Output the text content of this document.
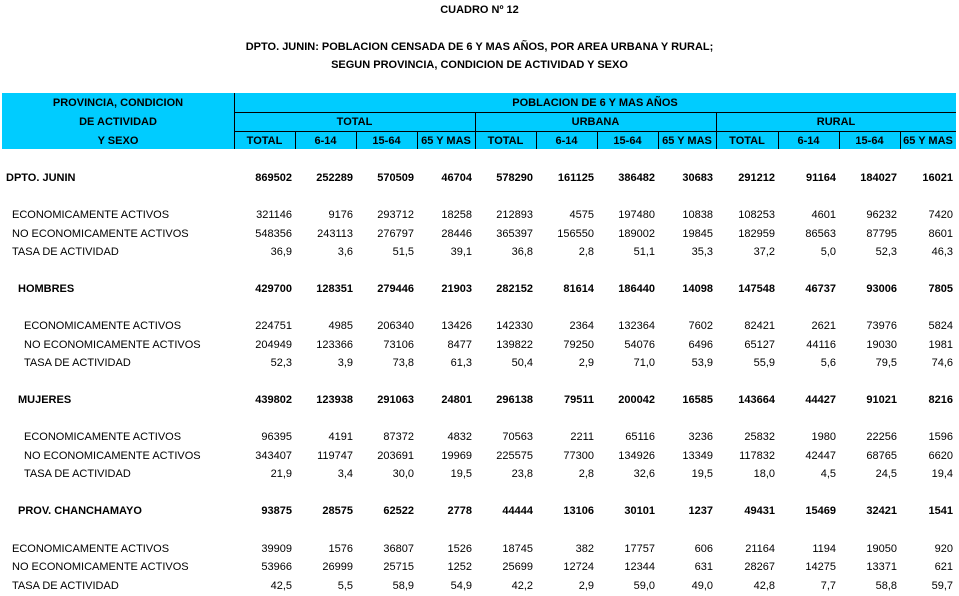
CUADRO Nº 12
DPTO. JUNIN: POBLACION CENSADA DE 6 Y MAS AÑOS, POR AREA URBANA Y RURAL;
SEGUN PROVINCIA, CONDICION DE ACTIVIDAD Y SEXO
PROVINCIA, CONDICION
DE ACTIVIDAD
Y SEXO
POBLACION DE 6 Y MAS AÑOS
TOTAL	URBANA	RURAL
TOTAL	6-14	15-64	65 Y MAS	TOTAL	6-14	15-64	65 Y MAS	TOTAL	6-14	15-64	65 Y MAS
DPTO. JUNIN	869502	252289	570509	46704	578290	161125	386482	30683	291212	91164	184027	16021
ECONOMICAMENTE ACTIVOS	321146	9176	293712	18258	212893	4575	197480	10838	108253	4601	96232	7420
NO ECONOMICAMENTE ACTIVOS	548356	243113	276797	28446	365397	156550	189002	19845	182959	86563	87795	8601
TASA DE ACTIVIDAD	36,9	3,6	51,5	39,1	36,8	2,8	51,1	35,3	37,2	5,0	52,3	46,3
HOMBRES	429700	128351	279446	21903	282152	81614	186440	14098	147548	46737	93006	7805
ECONOMICAMENTE ACTIVOS	224751	4985	206340	13426	142330	2364	132364	7602	82421	2621	73976	5824
NO ECONOMICAMENTE ACTIVOS	204949	123366	73106	8477	139822	79250	54076	6496	65127	44116	19030	1981
TASA DE ACTIVIDAD	52,3	3,9	73,8	61,3	50,4	2,9	71,0	53,9	55,9	5,6	79,5	74,6
MUJERES	439802	123938	291063	24801	296138	79511	200042	16585	143664	44427	91021	8216
ECONOMICAMENTE ACTIVOS	96395	4191	87372	4832	70563	2211	65116	3236	25832	1980	22256	1596
NO ECONOMICAMENTE ACTIVOS	343407	119747	203691	19969	225575	77300	134926	13349	117832	42447	68765	6620
TASA DE ACTIVIDAD	21,9	3,4	30,0	19,5	23,8	2,8	32,6	19,5	18,0	4,5	24,5	19,4
PROV. CHANCHAMAYO	93875	28575	62522	2778	44444	13106	30101	1237	49431	15469	32421	1541
ECONOMICAMENTE ACTIVOS	39909	1576	36807	1526	18745	382	17757	606	21164	1194	19050	920
NO ECONOMICAMENTE ACTIVOS	53966	26999	25715	1252	25699	12724	12344	631	28267	14275	13371	621
TASA DE ACTIVIDAD	42,5	5,5	58,9	54,9	42,2	2,9	59,0	49,0	42,8	7,7	58,8	59,7
